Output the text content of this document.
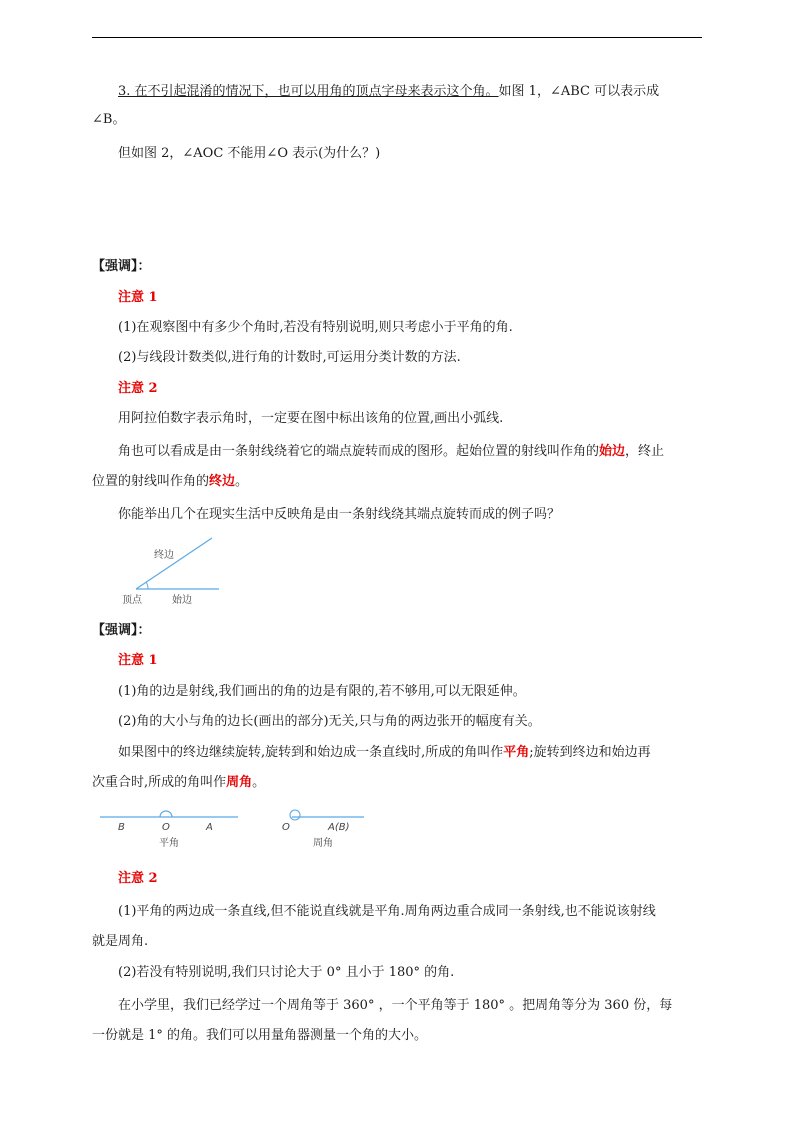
3. 在不引起混淆的情况下，也可以用角的顶点字母来表示这个角。如图 1，∠ABC 可以表示成
∠B。
但如图 2，∠AOC 不能用∠O 表示(为什么？)
【强调】：
注意 1
(1)在观察图中有多少个角时,若没有特别说明,则只考虑小于平角的角.
(2)与线段计数类似,进行角的计数时,可运用分类计数的方法.
注意 2
用阿拉伯数字表示角时，一定要在图中标出该角的位置,画出小弧线.
角也可以看成是由一条射线绕着它的端点旋转而成的图形。起始位置的射线叫作角的始边，终止
位置的射线叫作角的终边。
你能举出几个在现实生活中反映角是由一条射线绕其端点旋转而成的例子吗？
终边
顶点	始边
【强调】：
注意 1
(1)角的边是射线,我们画出的角的边是有限的,若不够用,可以无限延伸。
(2)角的大小与角的边长(画出的部分)无关,只与角的两边张开的幅度有关。
如果图中的终边继续旋转,旋转到和始边成一条直线时,所成的角叫作平角;旋转到终边和始边再
次重合时,所成的角叫作周角。
B	O	A
平角
O	A(B)
周角
注意 2
(1)平角的两边成一条直线,但不能说直线就是平角.周角两边重合成同一条射线,也不能说该射线
就是周角.
(2)若没有特别说明,我们只讨论大于 0° 且小于 180° 的角.
在小学里，我们已经学过一个周角等于 360° ，一个平角等于 180° 。把周角等分为 360 份，每
一份就是 1° 的角。我们可以用量角器测量一个角的大小。
